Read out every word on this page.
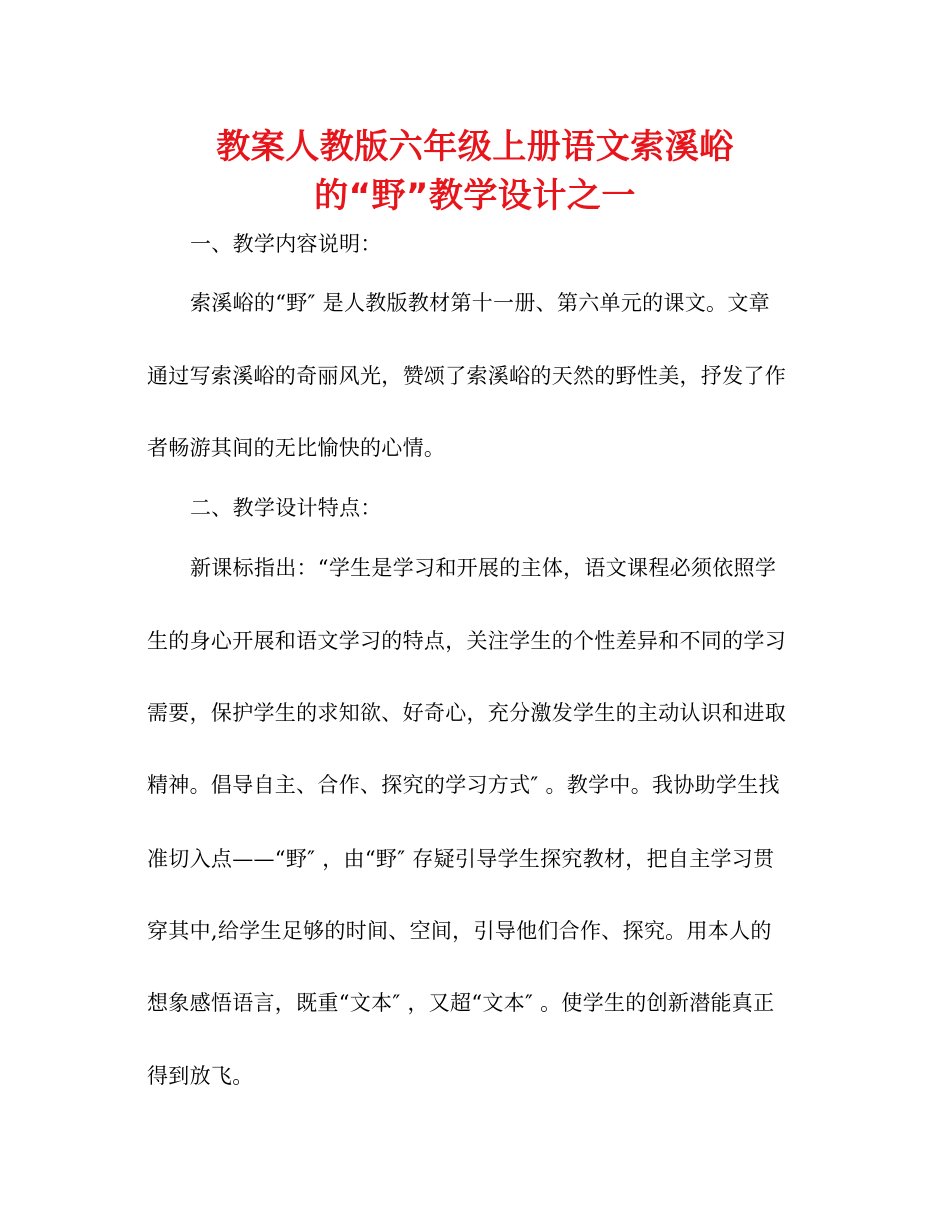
教案人教版六年级上册语文索溪峪
的“野”教学设计之一
一、教学内容说明：
索溪峪的“野″ 是人教版教材第十一册、第六单元的课文。文章
通过写索溪峪的奇丽风光，赞颂了索溪峪的天然的野性美，抒发了作
者畅游其间的无比愉快的心情。
二、教学设计特点：
新课标指出：“学生是学习和开展的主体，语文课程必须依照学
生的身心开展和语文学习的特点，关注学生的个性差异和不同的学习
需要，保护学生的求知欲、好奇心，充分激发学生的主动认识和进取
精神。倡导自主、合作、探究的学习方式″ 。教学中。我协助学生找
准切入点——“野″ ，由“野″ 存疑引导学生探究教材，把自主学习贯
穿其中,给学生足够的时间、空间，引导他们合作、探究。用本人的
想象感悟语言，既重“文本″ ，又超“文本″ 。使学生的创新潜能真正
得到放飞。
